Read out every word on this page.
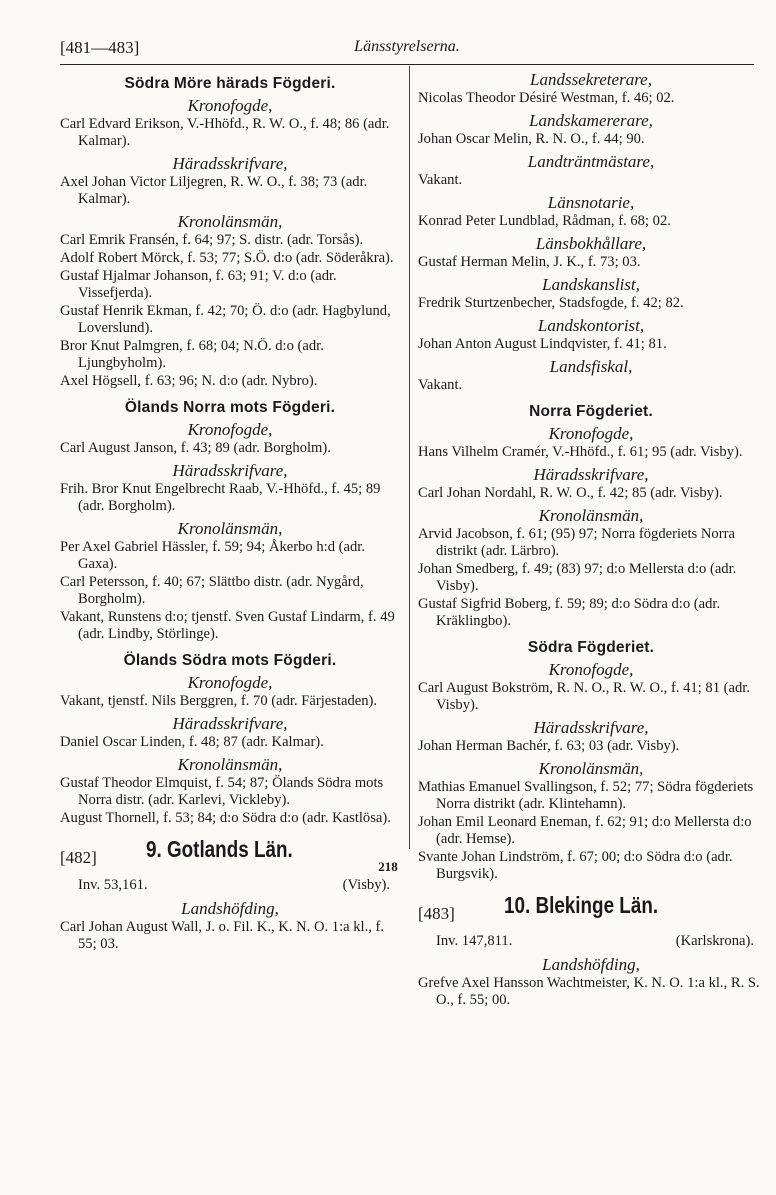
[481—483]	Länsstyrelserna.
Södra Möre härads Fögderi.
Kronofogde,
Carl Edvard Erikson, V.-Hhöfd., R. W. O., f. 48; 86 (adr. Kalmar).
Häradsskrifvare,
Axel Johan Victor Liljegren, R. W. O., f. 38; 73 (adr. Kalmar).
Kronolänsmän,
Carl Emrik Fransén, f. 64; 97; S. distr. (adr. Torsås).
Adolf Robert Mörck, f. 53; 77; S.Ö. d:o (adr. Söderåkra).
Gustaf Hjalmar Johanson, f. 63; 91; V. d:o (adr. Vissefjerda).
Gustaf Henrik Ekman, f. 42; 70; Ö. d:o (adr. Hagbylund, Loverslund).
Bror Knut Palmgren, f. 68; 04; N.Ö. d:o (adr. Ljungbyholm).
Axel Högsell, f. 63; 96; N. d:o (adr. Nybro).
Ölands Norra mots Fögderi.
Kronofogde,
Carl August Janson, f. 43; 89 (adr. Borgholm).
Häradsskrifvare,
Frih. Bror Knut Engelbrecht Raab, V.-Hhöfd., f. 45; 89 (adr. Borgholm).
Kronolänsmän,
Per Axel Gabriel Hässler, f. 59; 94; Åkerbo h:d (adr. Gaxa).
Carl Petersson, f. 40; 67; Slättbo distr. (adr. Nygård, Borgholm).
Vakant, Runstens d:o; tjenstf. Sven Gustaf Lindarm, f. 49 (adr. Lindby, Störlinge).
Ölands Södra mots Fögderi.
Kronofogde,
Vakant, tjenstf. Nils Berggren, f. 70 (adr. Färjestaden).
Häradsskrifvare,
Daniel Oscar Linden, f. 48; 87 (adr. Kalmar).
Kronolänsmän,
Gustaf Theodor Elmquist, f. 54; 87; Ölands Södra mots Norra distr. (adr. Karlevi, Vickleby).
August Thornell, f. 53; 84; d:o Södra d:o (adr. Kastlösa).
[482] 9. Gotlands Län.
Inv. 53,161.	(Visby).
Landshöfding,
Carl Johan August Wall, J. o. Fil. K., K. N. O. 1:a kl., f. 55; 03.
Landssekreterare,
Nicolas Theodor Désiré Westman, f. 46; 02.
Landskamererare,
Johan Oscar Melin, R. N. O., f. 44; 90.
Landträntmästare,
Vakant.
Länsnotarie,
Konrad Peter Lundblad, Rådman, f. 68; 02.
Länsbokhållare,
Gustaf Herman Melin, J. K., f. 73; 03.
Landskanslist,
Fredrik Sturtzenbecher, Stadsfogde, f. 42; 82.
Landskontorist,
Johan Anton August Lindqvister, f. 41; 81.
Landsfiskal,
Vakant.
Norra Fögderiet.
Kronofogde,
Hans Vilhelm Cramér, V.-Hhöfd., f. 61; 95 (adr. Visby).
Häradsskrifvare,
Carl Johan Nordahl, R. W. O., f. 42; 85 (adr. Visby).
Kronolänsmän,
Arvid Jacobson, f. 61; (95) 97; Norra fögderiets Norra distrikt (adr. Lärbro).
Johan Smedberg, f. 49; (83) 97; d:o Mellersta d:o (adr. Visby).
Gustaf Sigfrid Boberg, f. 59; 89; d:o Södra d:o (adr. Kräklingbo).
Södra Fögderiet.
Kronofogde,
Carl August Bokström, R. N. O., R. W. O., f. 41; 81 (adr. Visby).
Häradsskrifvare,
Johan Herman Bachér, f. 63; 03 (adr. Visby).
Kronolänsmän,
Mathias Emanuel Svallingson, f. 52; 77; Södra fögderiets Norra distrikt (adr. Klintehamn).
Johan Emil Leonard Eneman, f. 62; 91; d:o Mellersta d:o (adr. Hemse).
Svante Johan Lindström, f. 67; 00; d:o Södra d:o (adr. Burgsvik).
[483] 10. Blekinge Län.
Inv. 147,811.	(Karlskrona).
Landshöfding,
Grefve Axel Hansson Wachtmeister, K. N. O. 1:a kl., R. S. O., f. 55; 00.
218
